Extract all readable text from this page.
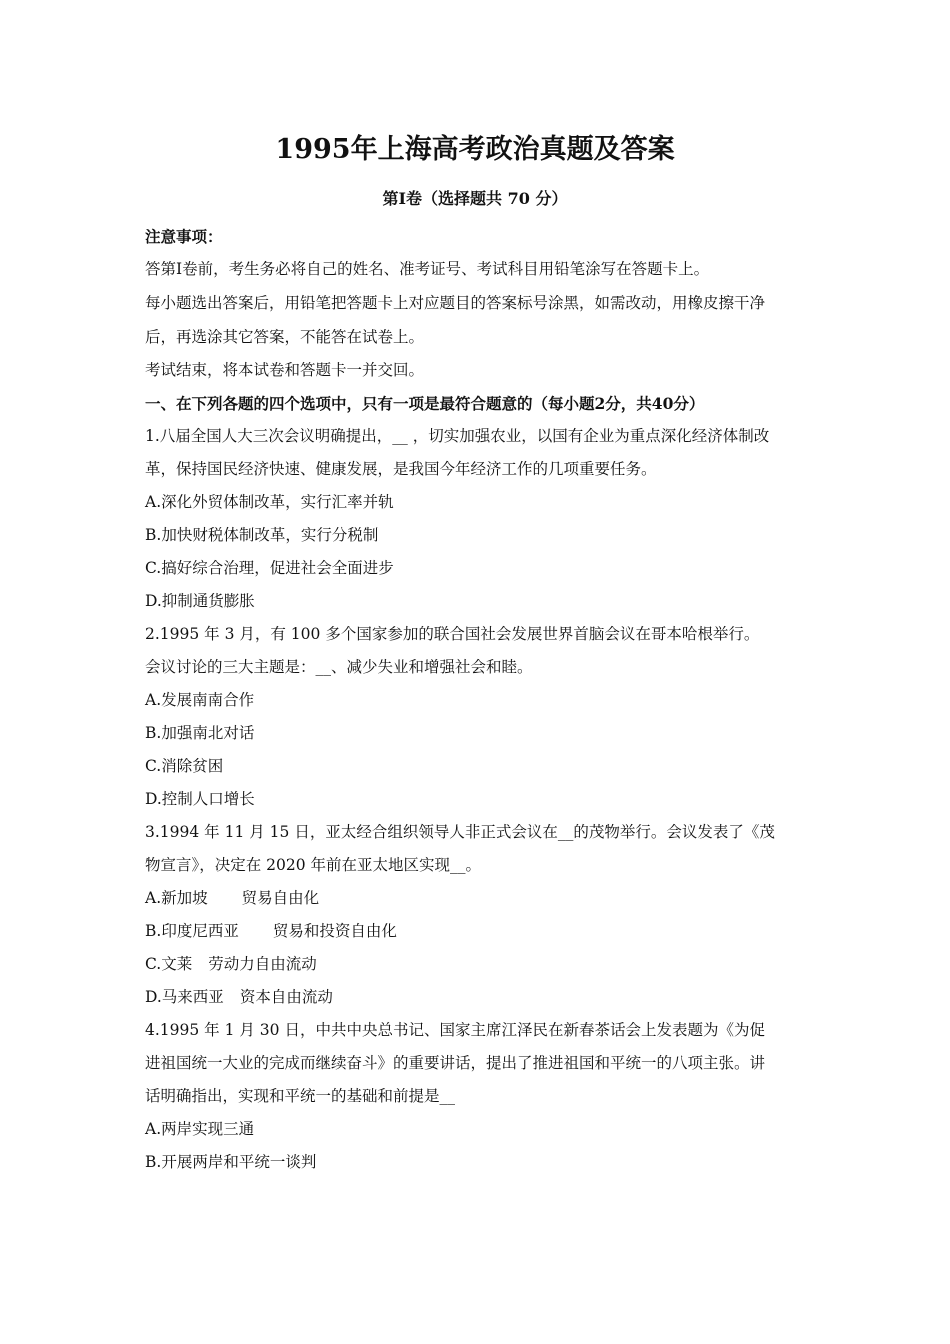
1995年上海高考政治真题及答案
第Ⅰ卷（选择题共 70 分）
注意事项：
答第Ⅰ卷前，考生务必将自己的姓名、准考证号、考试科目用铅笔涂写在答题卡上。
每小题选出答案后，用铅笔把答题卡上对应题目的答案标号涂黑，如需改动，用橡皮擦干净
后，再选涂其它答案，不能答在试卷上。
考试结束，将本试卷和答题卡一并交回。
一、在下列各题的四个选项中，只有一项是最符合题意的（每小题2分，共40分）
1.八届全国人大三次会议明确提出，__ ，切实加强农业，以国有企业为重点深化经济体制改
革，保持国民经济快速、健康发展，是我国今年经济工作的几项重要任务。
A.深化外贸体制改革，实行汇率并轨
B.加快财税体制改革，实行分税制
C.搞好综合治理，促进社会全面进步
D.抑制通货膨胀
2.1995 年 3 月，有 100 多个国家参加的联合国社会发展世界首脑会议在哥本哈根举行。
会议讨论的三大主题是：__、减少失业和增强社会和睦。
A.发展南南合作
B.加强南北对话
C.消除贫困
D.控制人口增长
3.1994 年 11 月 15 日，亚太经合组织领导人非正式会议在__的茂物举行。会议发表了《茂
物宣言》，决定在 2020 年前在亚太地区实现__。
A.新加坡 贸易自由化
B.印度尼西亚 贸易和投资自由化
C.文莱 劳动力自由流动
D.马来西亚 资本自由流动
4.1995 年 1 月 30 日，中共中央总书记、国家主席江泽民在新春茶话会上发表题为《为促
进祖国统一大业的完成而继续奋斗》的重要讲话，提出了推进祖国和平统一的八项主张。讲
话明确指出，实现和平统一的基础和前提是__
A.两岸实现三通
B.开展两岸和平统一谈判
